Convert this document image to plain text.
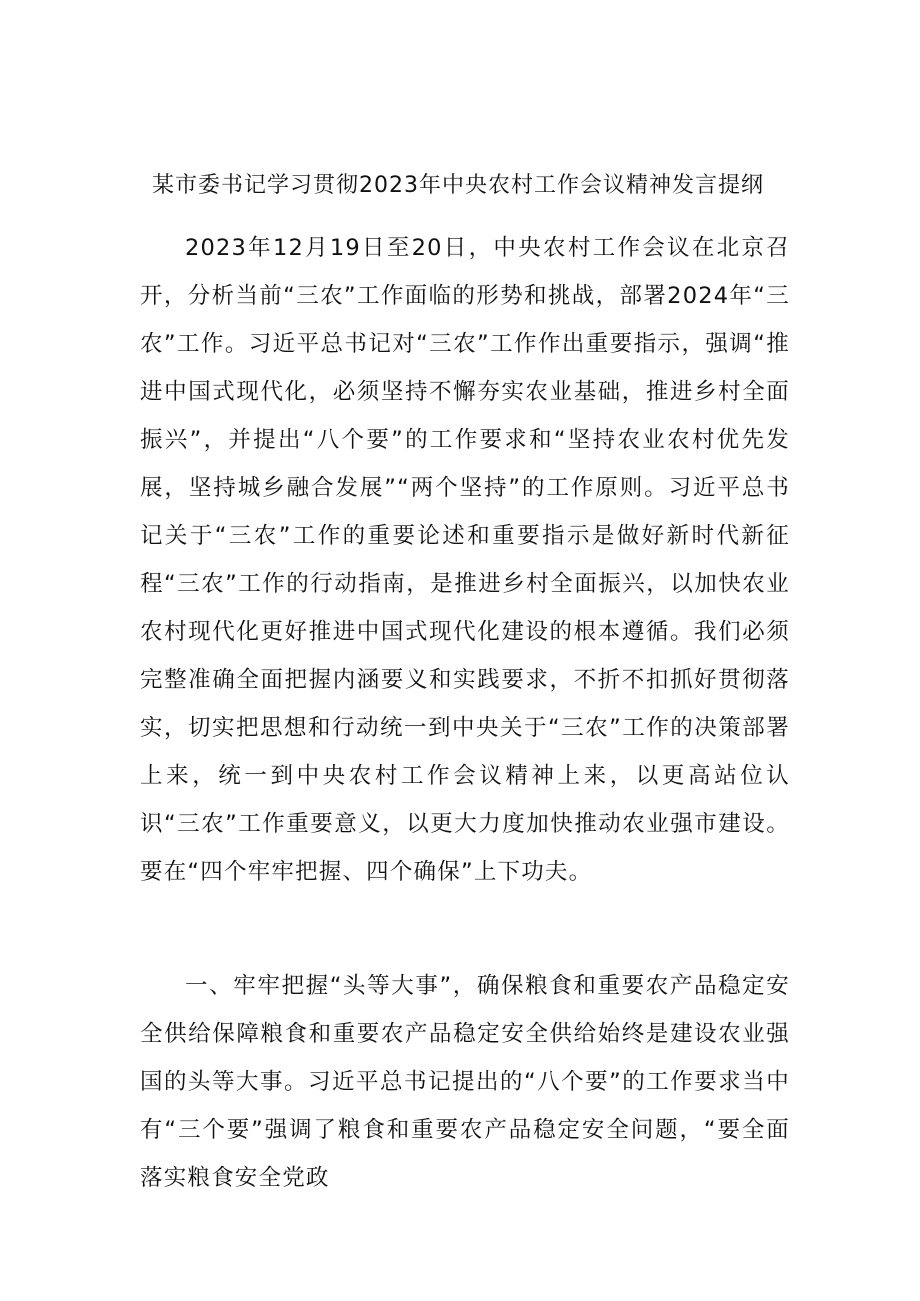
某市委书记学习贯彻2023年中央农村工作会议精神发言提纲

2023年12月19日至20日，中央农村工作会议在北京召开，分析当前“三农”工作面临的形势和挑战，部署2024年“三农”工作。习近平总书记对“三农”工作作出重要指示，强调“推进中国式现代化，必须坚持不懈夯实农业基础，推进乡村全面振兴”，并提出“八个要”的工作要求和“坚持农业农村优先发展，坚持城乡融合发展”“两个坚持”的工作原则。习近平总书记关于“三农”工作的重要论述和重要指示是做好新时代新征程“三农”工作的行动指南，是推进乡村全面振兴，以加快农业农村现代化更好推进中国式现代化建设的根本遵循。我们必须完整准确全面把握内涵要义和实践要求，不折不扣抓好贯彻落实，切实把思想和行动统一到中央关于“三农”工作的决策部署上来，统一到中央农村工作会议精神上来，以更高站位认识“三农”工作重要意义，以更大力度加快推动农业强市建设。要在“四个牢牢把握、四个确保”上下功夫。

一、牢牢把握“头等大事”，确保粮食和重要农产品稳定安全供给保障粮食和重要农产品稳定安全供给始终是建设农业强国的头等大事。习近平总书记提出的“八个要”的工作要求当中有“三个要”强调了粮食和重要农产品稳定安全问题，“要全面落实粮食安全党政
